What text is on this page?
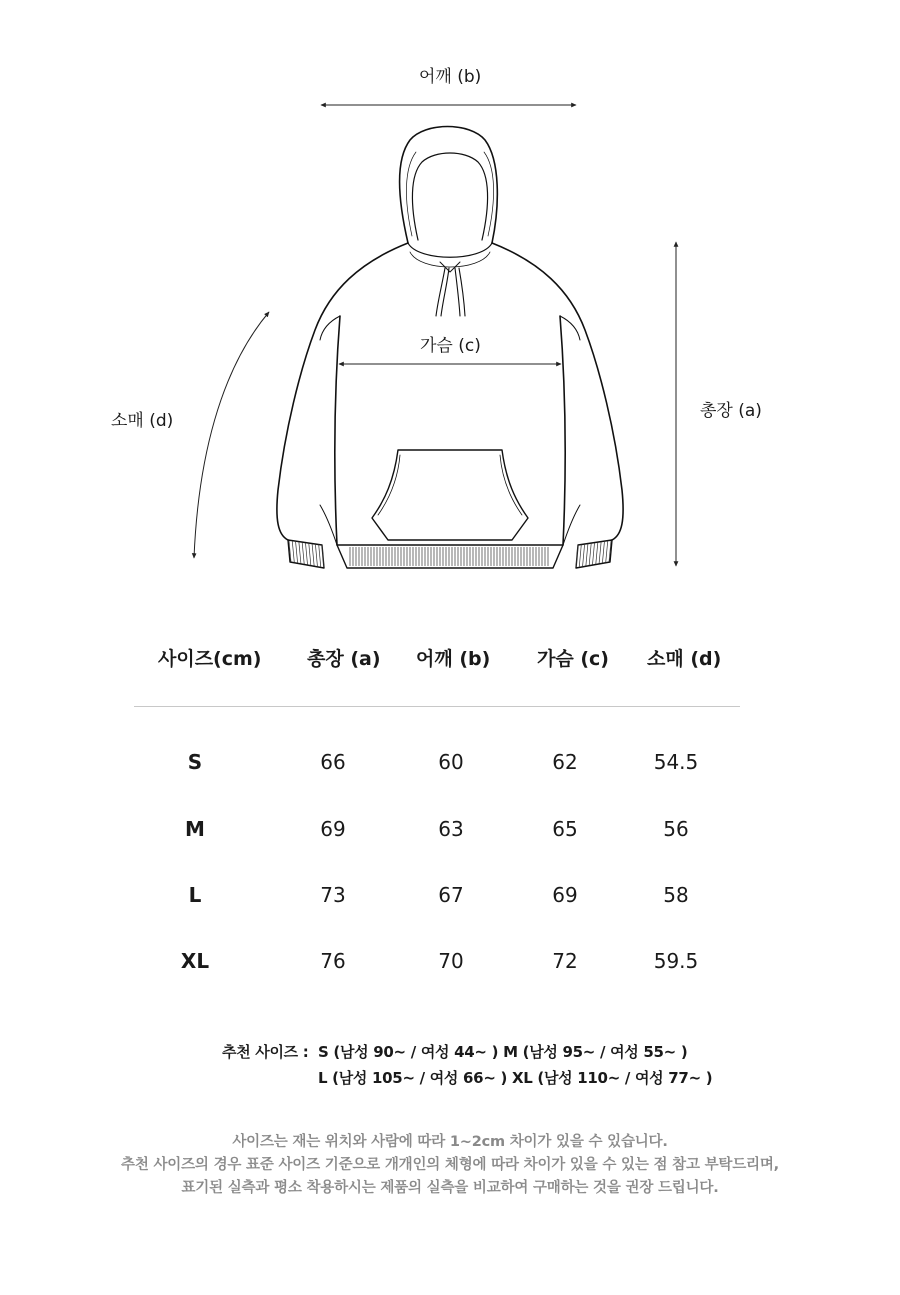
어깨 (b)
가슴 (c)
소매 (d)	총장 (a)
사이즈(cm) 총장 (a) 어깨 (b) 가슴 (c) 소매 (d)
S	66	60	62	54.5
M	69	63	65	56
L	73	67	69	58
XL	76	70	72	59.5
추천 사이즈 : S (남성 90~ / 여성 44~ ) M (남성 95~ / 여성 55~ )
L (남성 105~ / 여성 66~ ) XL (남성 110~ / 여성 77~ )
사이즈는 재는 위치와 사람에 따라 1~2cm 차이가 있을 수 있습니다.
추천 사이즈의 경우 표준 사이즈 기준으로 개개인의 체형에 따라 차이가 있을 수 있는 점 참고 부탁드리며,
표기된 실측과 평소 착용하시는 제품의 실측을 비교하여 구매하는 것을 권장 드립니다.
